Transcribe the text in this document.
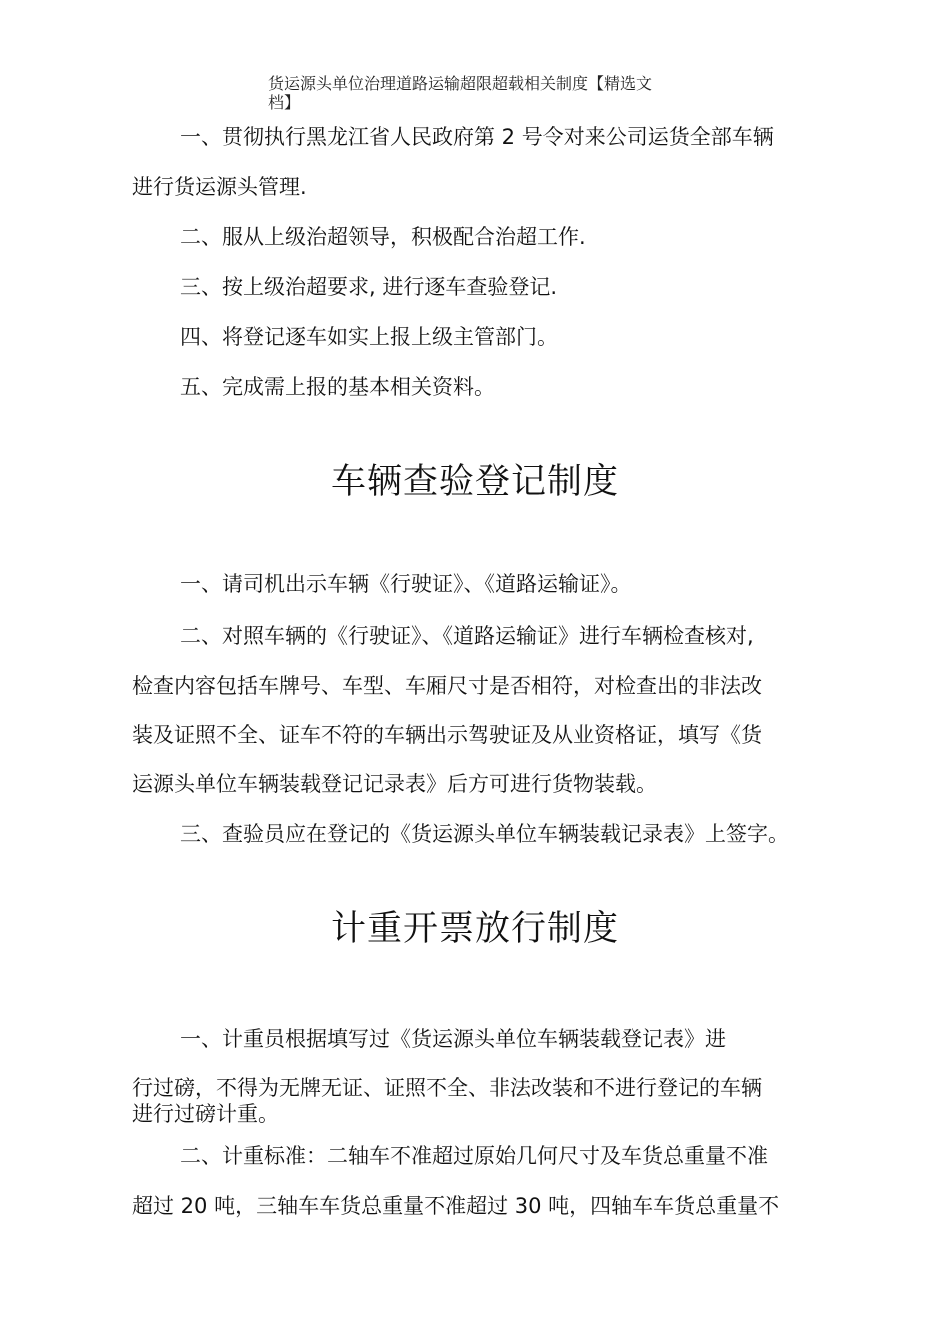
货运源头单位治理道路运输超限超载相关制度【精选文
档】
一、贯彻执行黑龙江省人民政府第 2 号令对来公司运货全部车辆
进行货运源头管理.
二、服从上级治超领导，积极配合治超工作.
三、按上级治超要求, 进行逐车查验登记.
四、将登记逐车如实上报上级主管部门。
五、完成需上报的基本相关资料。
车辆查验登记制度
一、请司机出示车辆《行驶证》、《道路运输证》。
二、对照车辆的《行驶证》、《道路运输证》进行车辆检查核对,
检查内容包括车牌号、车型、车厢尺寸是否相符，对检查出的非法改
装及证照不全、证车不符的车辆出示驾驶证及从业资格证，填写《货
运源头单位车辆装载登记记录表》后方可进行货物装载。
三、查验员应在登记的《货运源头单位车辆装载记录表》上签字。
计重开票放行制度
一、计重员根据填写过《货运源头单位车辆装载登记表》进
行过磅，不得为无牌无证、证照不全、非法改装和不进行登记的车辆
进行过磅计重。
二、计重标准：二轴车不准超过原始几何尺寸及车货总重量不准
超过 20 吨，三轴车车货总重量不准超过 30 吨，四轴车车货总重量不
